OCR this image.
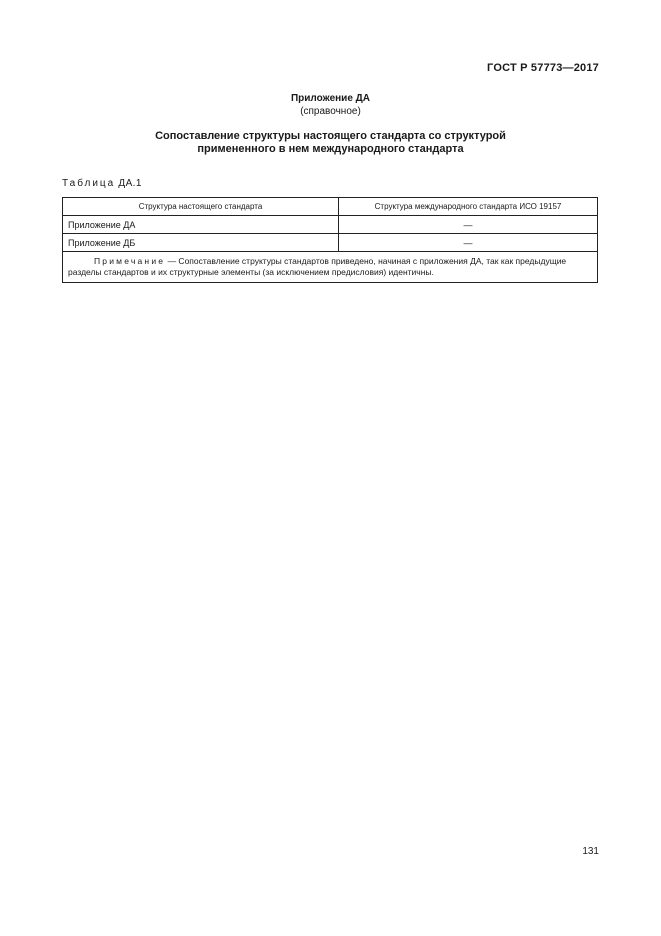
ГОСТ Р 57773—2017
Приложение ДА
(справочное)
Сопоставление структуры настоящего стандарта со структурой
примененного в нем международного стандарта
Таблица ДА.1
Структура настоящего стандарта	Структура международного стандарта ИСО 19157
Приложение ДА	—
Приложение ДБ	—
Примечание — Сопоставление структуры стандартов приведено, начиная с приложения ДА, так как предыдущие разделы стандартов и их структурные элементы (за исключением предисловия) идентичны.	
131
